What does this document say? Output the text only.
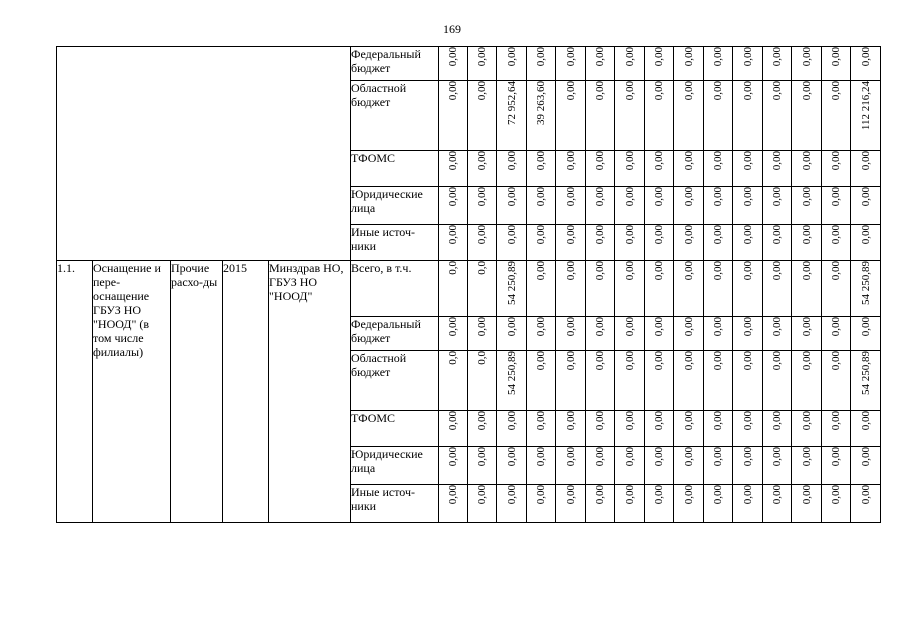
169
					Федеральный бюджет	0,00	0,00	0,00	0,00	0,00	0,00	0,00	0,00	0,00	0,00	0,00	0,00	0,00	0,00	0,00
					Областной бюджет	0,00	0,00	72 952,64	39 263,60	0,00	0,00	0,00	0,00	0,00	0,00	0,00	0,00	0,00	0,00	112 216,24
					ТФОМС	0,00	0,00	0,00	0,00	0,00	0,00	0,00	0,00	0,00	0,00	0,00	0,00	0,00	0,00	0,00
					Юридические лица	0,00	0,00	0,00	0,00	0,00	0,00	0,00	0,00	0,00	0,00	0,00	0,00	0,00	0,00	0,00
					Иные источ-ники	0,00	0,00	0,00	0,00	0,00	0,00	0,00	0,00	0,00	0,00	0,00	0,00	0,00	0,00	0,00
1.1.	Оснащение и пере-оснащение ГБУЗ НО "НООД" (в том числе филиалы)	Прочие расхо-ды	2015	Минздрав НО, ГБУЗ НО "НООД"	Всего, в т.ч.	0,0	0,0	54 250,89	0,00	0,00	0,00	0,00	0,00	0,00	0,00	0,00	0,00	0,00	0,00	54 250,89
					Федеральный бюджет	0,00	0,00	0,00	0,00	0,00	0,00	0,00	0,00	0,00	0,00	0,00	0,00	0,00	0,00	0,00
					Областной бюджет	0,0	0,0	54 250,89	0,00	0,00	0,00	0,00	0,00	0,00	0,00	0,00	0,00	0,00	0,00	54 250,89
					ТФОМС	0,00	0,00	0,00	0,00	0,00	0,00	0,00	0,00	0,00	0,00	0,00	0,00	0,00	0,00	0,00
					Юридические лица	0,00	0,00	0,00	0,00	0,00	0,00	0,00	0,00	0,00	0,00	0,00	0,00	0,00	0,00	0,00
					Иные источ-ники	0,00	0,00	0,00	0,00	0,00	0,00	0,00	0,00	0,00	0,00	0,00	0,00	0,00	0,00	0,00
